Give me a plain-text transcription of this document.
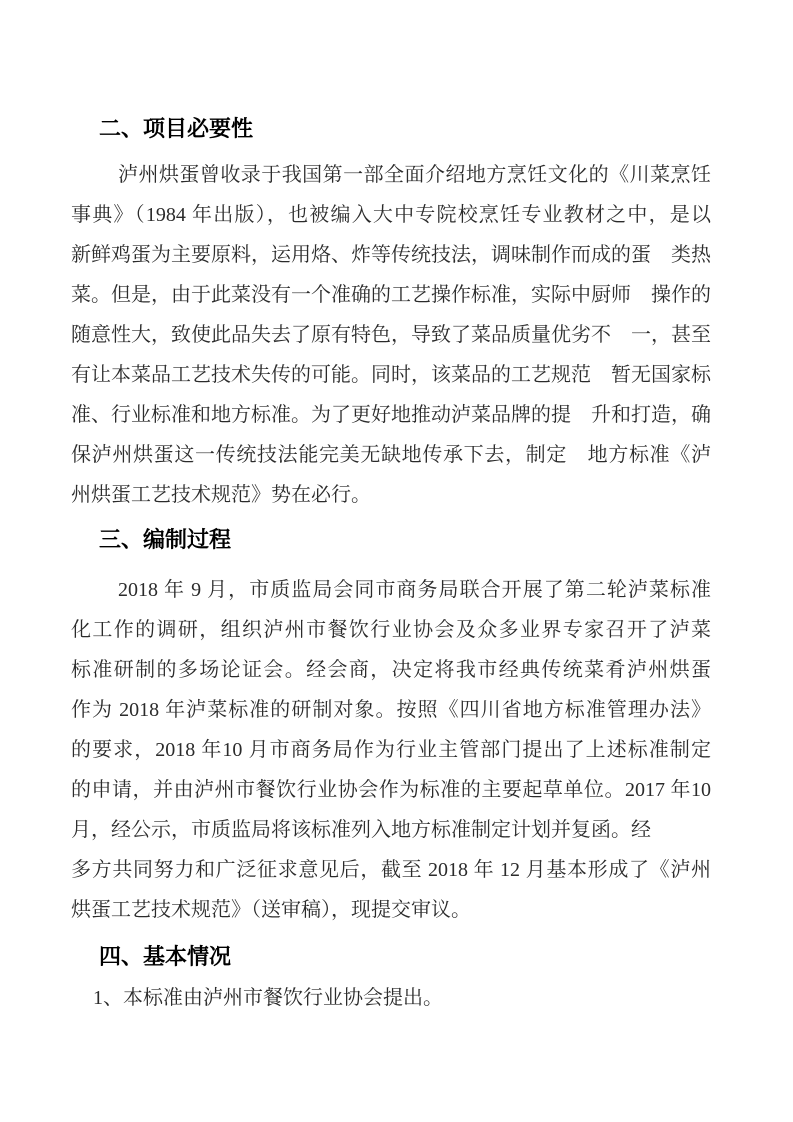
二、项目必要性
泸州烘蛋曾收录于我国第一部全面介绍地方烹饪文化的《川菜烹饪
事典》（1984 年出版），也被编入大中专院校烹饪专业教材之中，是以
新鲜鸡蛋为主要原料，运用烙、炸等传统技法，调味制作而成的蛋　类热
菜。但是，由于此菜没有一个准确的工艺操作标准，实际中厨师　操作的
随意性大，致使此品失去了原有特色，导致了菜品质量优劣不　一，甚至
有让本菜品工艺技术失传的可能。同时，该菜品的工艺规范　暂无国家标
准、行业标准和地方标准。为了更好地推动泸菜品牌的提　升和打造，确
保泸州烘蛋这一传统技法能完美无缺地传承下去，制定　地方标准《泸
州烘蛋工艺技术规范》势在必行。
三、编制过程
2018 年 9 月，市质监局会同市商务局联合开展了第二轮泸菜标准
化工作的调研，组织泸州市餐饮行业协会及众多业界专家召开了泸菜
标准研制的多场论证会。经会商，决定将我市经典传统菜肴泸州烘蛋
作为 2018 年泸菜标准的研制对象。按照《四川省地方标准管理办法》
的要求，2018 年10 月市商务局作为行业主管部门提出了上述标准制定
的申请，并由泸州市餐饮行业协会作为标准的主要起草单位。2017 年10
月，经公示，市质监局将该标准列入地方标准制定计划并复函。经
多方共同努力和广泛征求意见后，截至 2018 年 12 月基本形成了《泸州
烘蛋工艺技术规范》（送审稿），现提交审议。
四、基本情况
1、本标准由泸州市餐饮行业协会提出。
